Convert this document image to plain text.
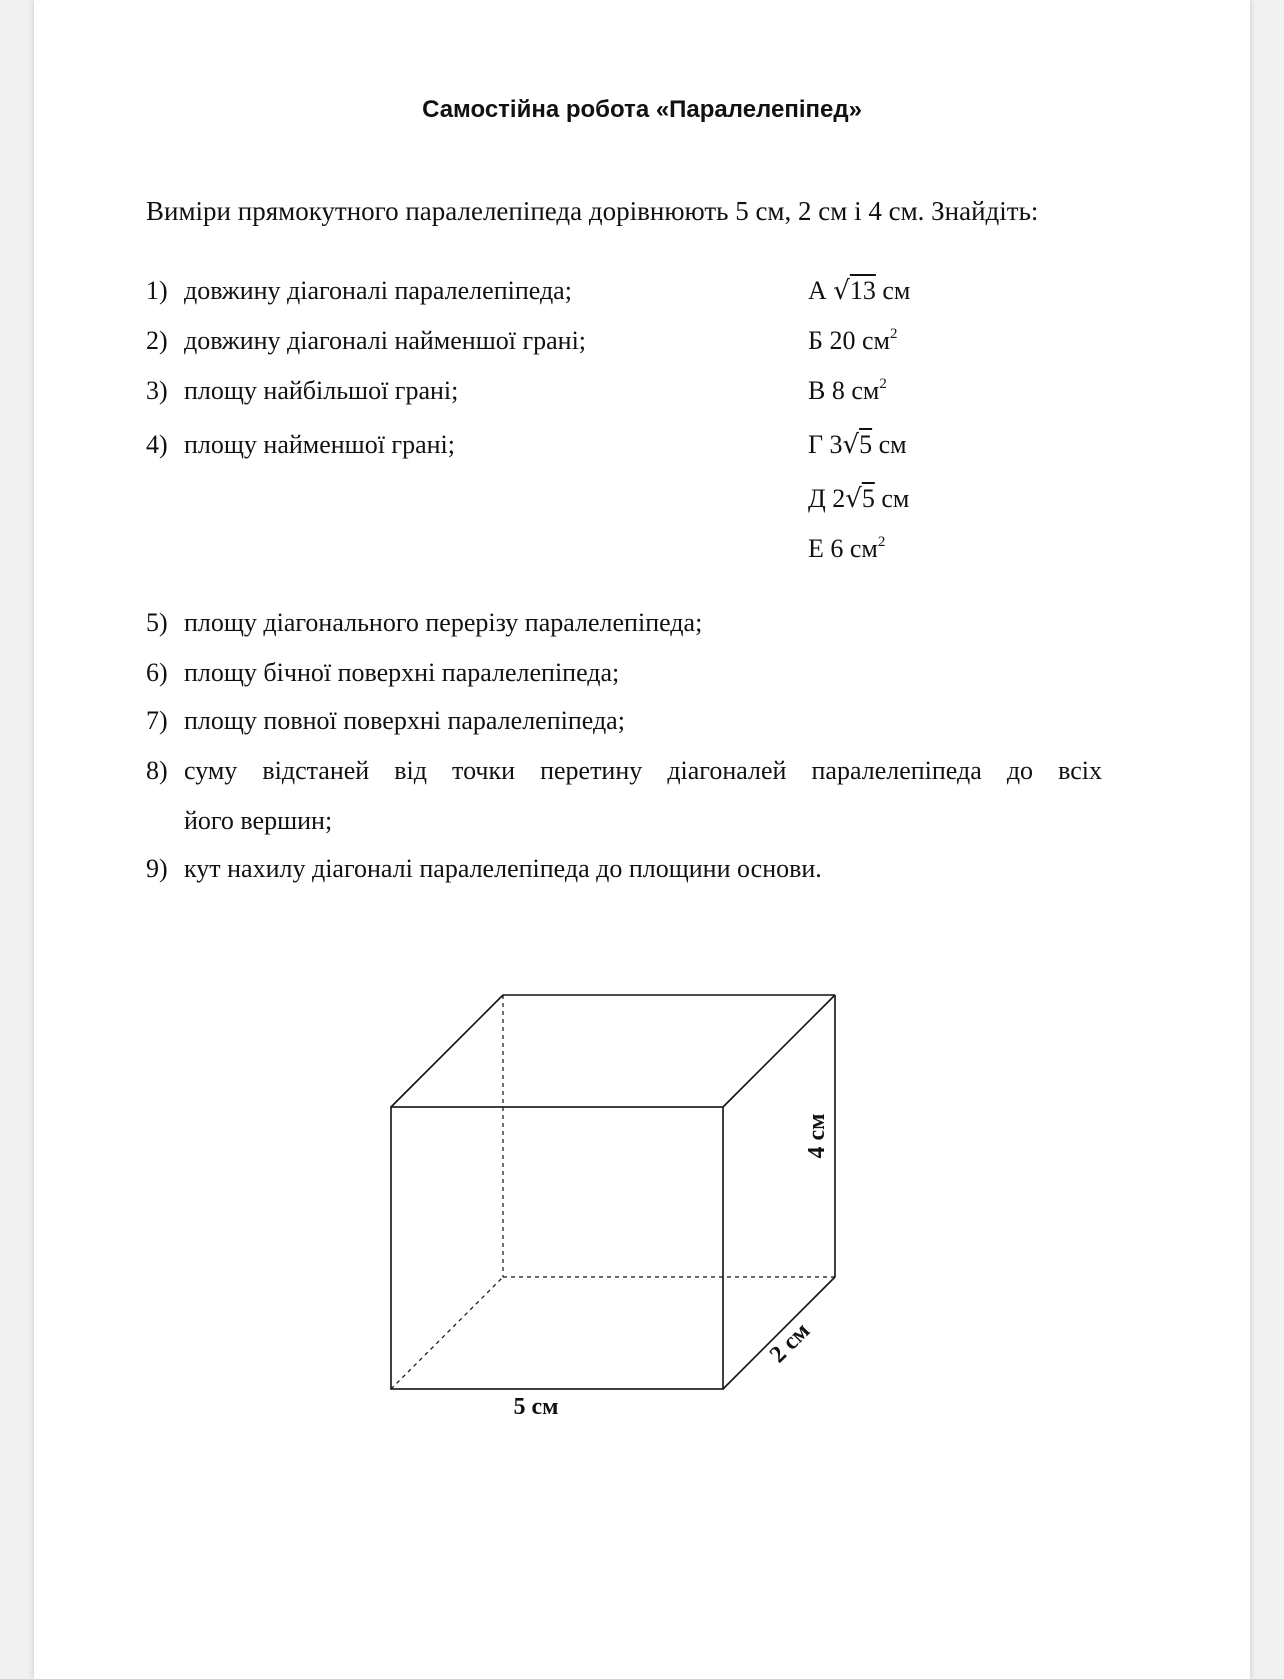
Самостійна робота «Паралелепіпед»
Виміри прямокутного паралелепіпеда дорівнюють 5 см, 2 см і 4 см. Знайдіть:
1) довжину діагоналі паралелепіпеда;
2) довжину діагоналі найменшої грані;
3) площу найбільшої грані;
4) площу найменшої грані;
А √13 см
Б 20 $см^2$
В 8 $см^2$
Г 3√5 см
Д 2√5 см
Е 6 $см^2$
5) площу діагонального перерізу паралелепіпеда;
6) площу бічної поверхні паралелепіпеда;
7) площу повної поверхні паралелепіпеда;
8) суму відстаней від точки перетину діагоналей паралелепіпеда до всіх
його вершин;
9) кут нахилу діагоналі паралелепіпеда до площини основи.
5 см
4 см
2 см
